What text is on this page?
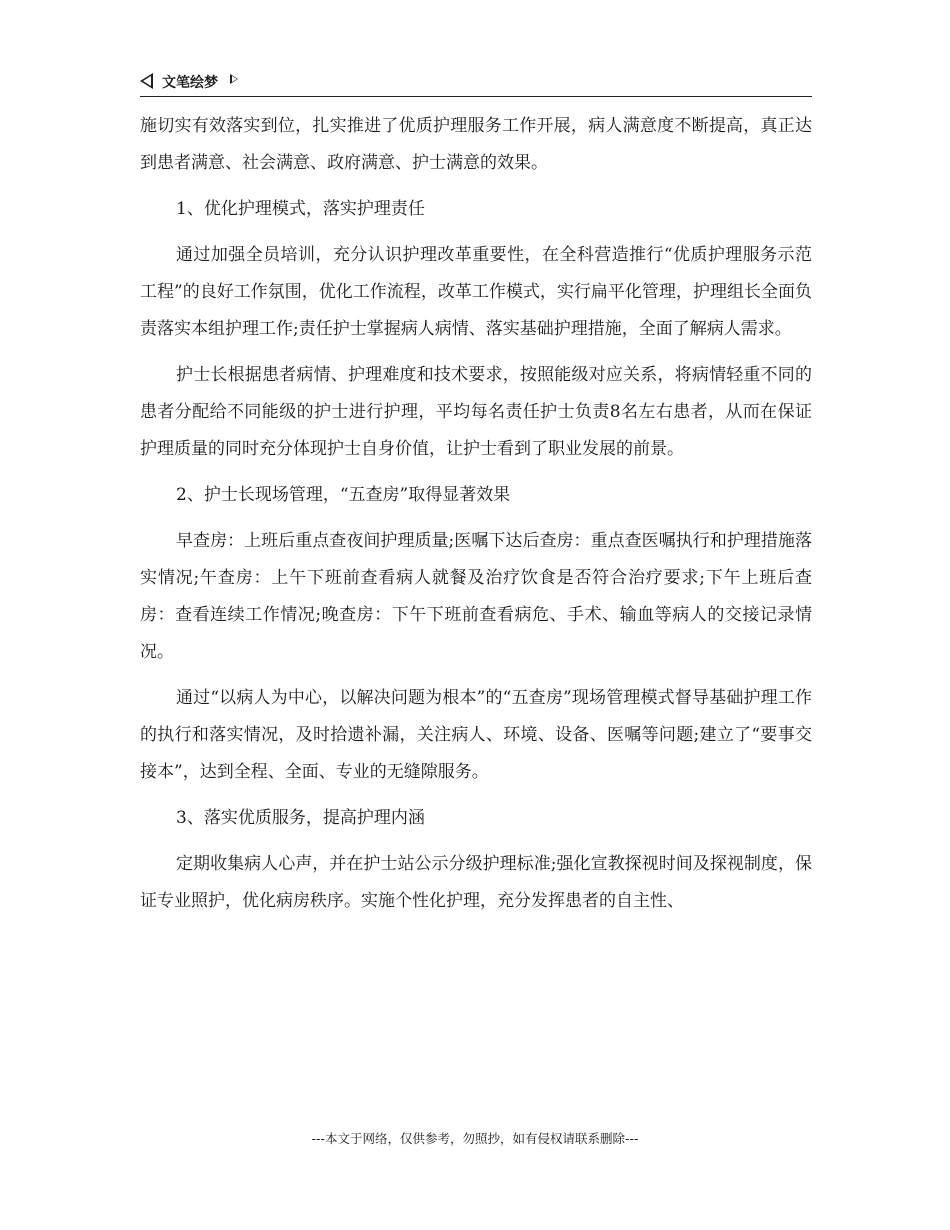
文笔绘梦

施切实有效落实到位，扎实推进了优质护理服务工作开展，病人满意度不断提高，真正达到患者满意、社会满意、政府满意、护士满意的效果。

1、优化护理模式，落实护理责任

通过加强全员培训，充分认识护理改革重要性，在全科营造推行“优质护理服务示范工程”的良好工作氛围，优化工作流程，改革工作模式，实行扁平化管理，护理组长全面负责落实本组护理工作;责任护士掌握病人病情、落实基础护理措施，全面了解病人需求。

护士长根据患者病情、护理难度和技术要求，按照能级对应关系，将病情轻重不同的患者分配给不同能级的护士进行护理，平均每名责任护士负责8名左右患者，从而在保证护理质量的同时充分体现护士自身价值，让护士看到了职业发展的前景。

2、护士长现场管理，“五查房”取得显著效果

早查房：上班后重点查夜间护理质量;医嘱下达后查房：重点查医嘱执行和护理措施落实情况;午查房：上午下班前查看病人就餐及治疗饮食是否符合治疗要求;下午上班后查房：查看连续工作情况;晚查房：下午下班前查看病危、手术、输血等病人的交接记录情况。

通过“以病人为中心，以解决问题为根本”的“五查房”现场管理模式督导基础护理工作的执行和落实情况，及时拾遗补漏，关注病人、环境、设备、医嘱等问题;建立了“要事交接本”，达到全程、全面、专业的无缝隙服务。

3、落实优质服务，提高护理内涵

定期收集病人心声，并在护士站公示分级护理标准;强化宣教探视时间及探视制度，保证专业照护，优化病房秩序。实施个性化护理，充分发挥患者的自主性、

---本文于网络，仅供参考，勿照抄，如有侵权请联系删除---
